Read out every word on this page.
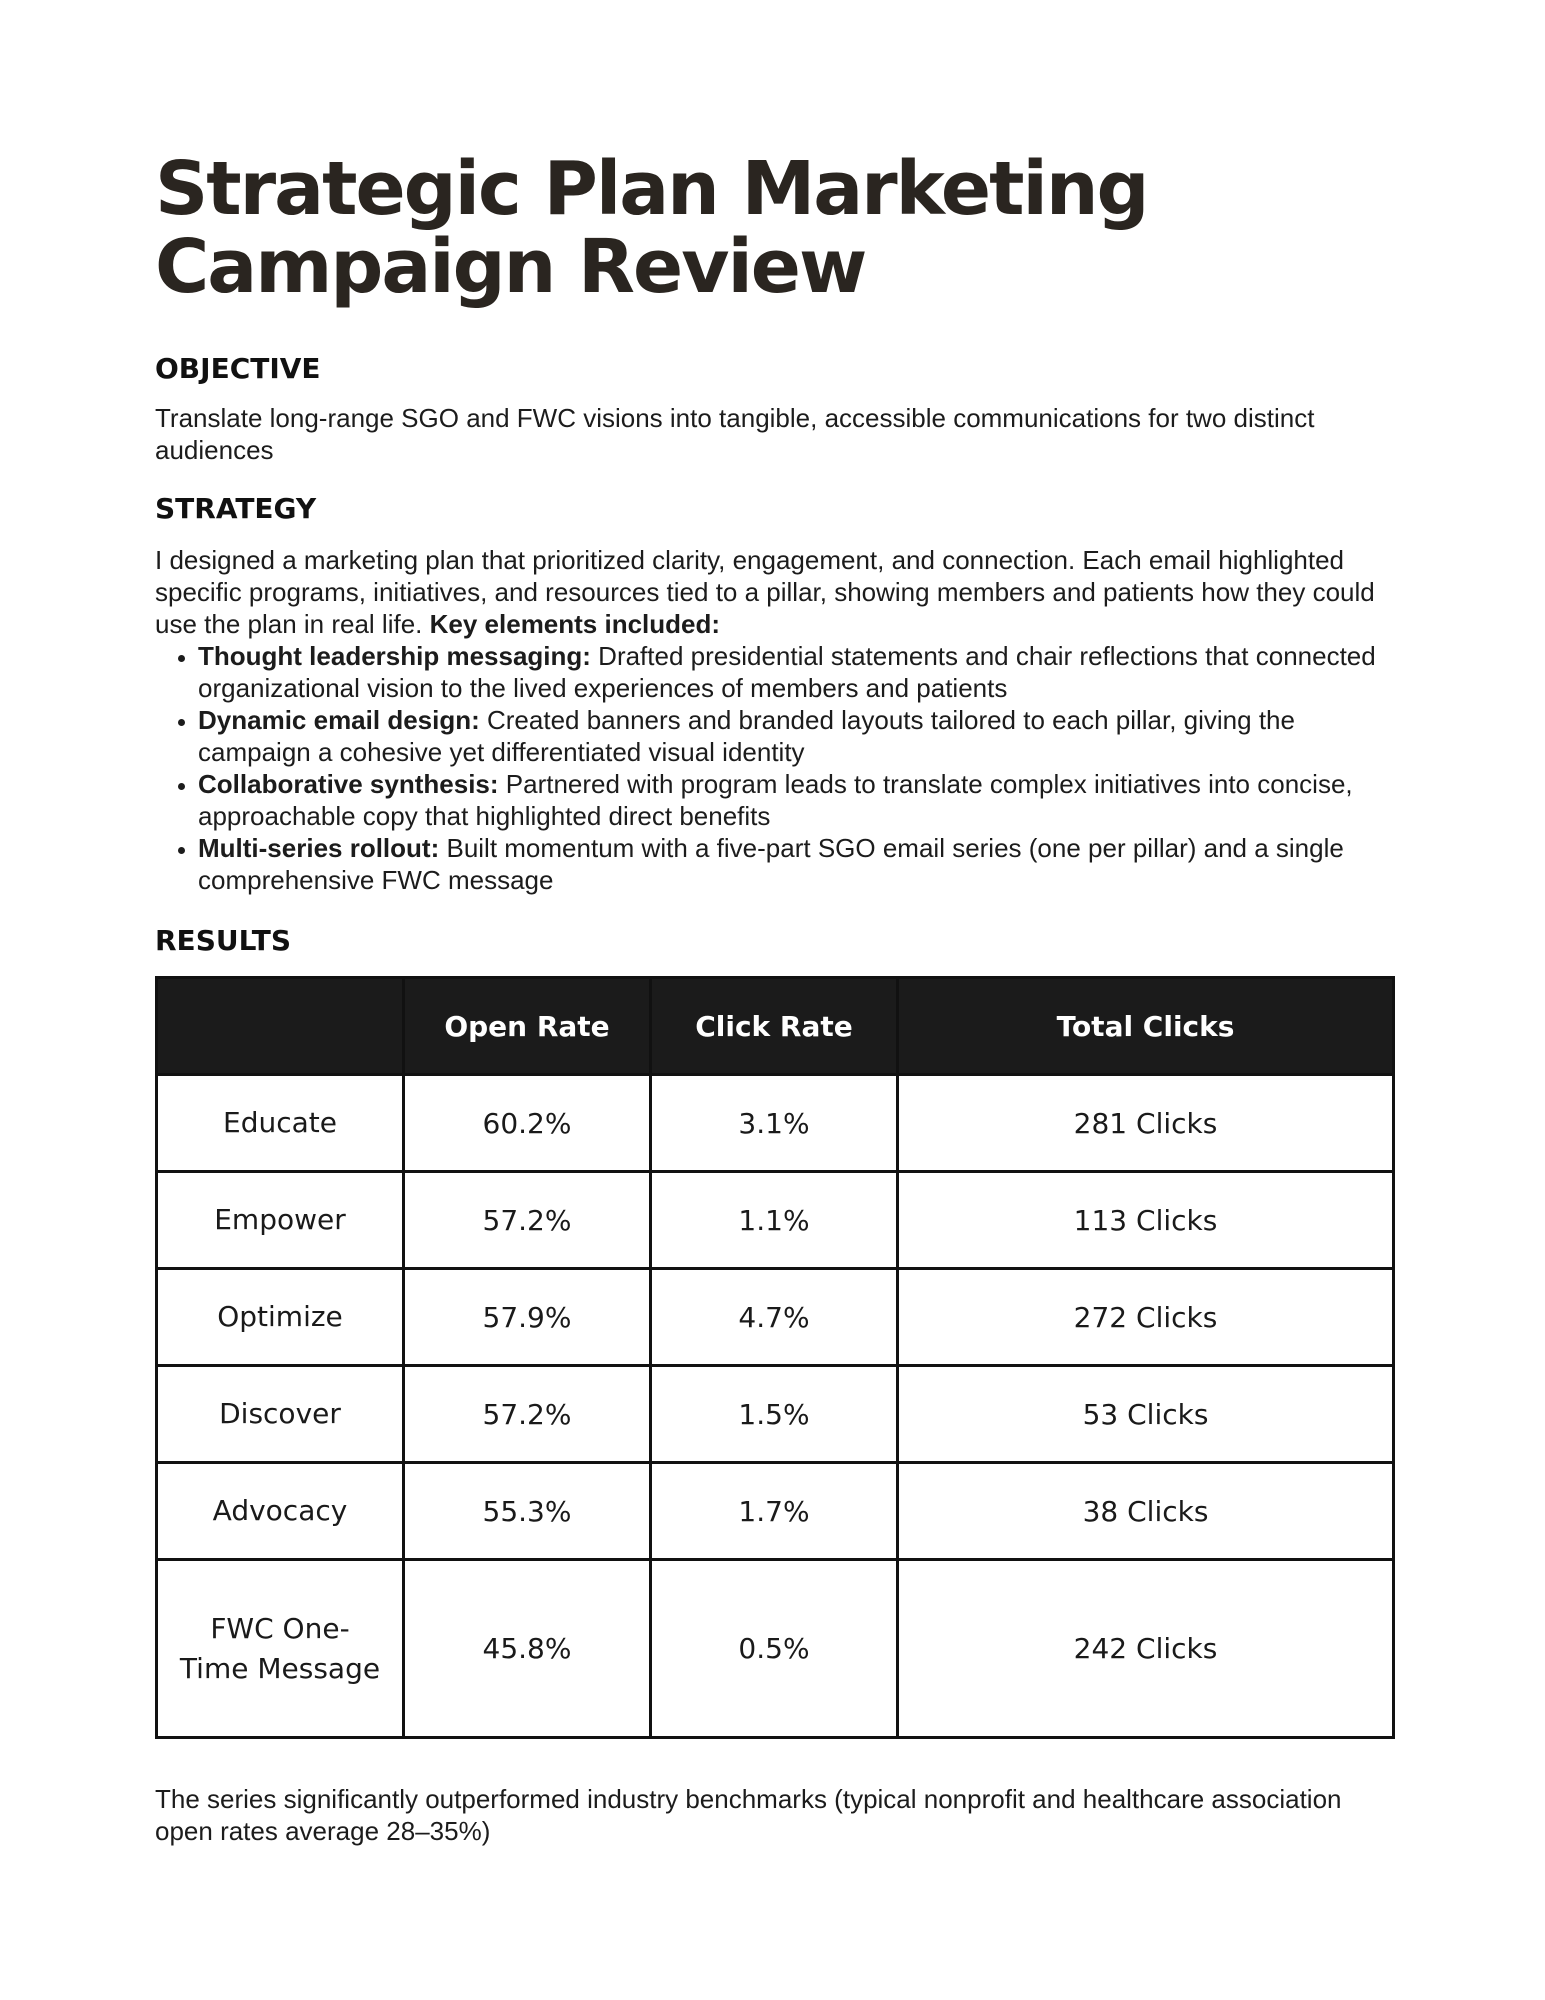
Strategic Plan Marketing
Campaign Review
OBJECTIVE

Translate long-range SGO and FWC visions into tangible, accessible communications for two distinct audiences

STRATEGY

I designed a marketing plan that prioritized clarity, engagement, and connection. Each email highlighted specific programs, initiatives, and resources tied to a pillar, showing members and patients how they could use the plan in real life. Key elements included:

• Thought leadership messaging: Drafted presidential statements and chair reflections that connected organizational vision to the lived experiences of members and patients
• Dynamic email design: Created banners and branded layouts tailored to each pillar, giving the campaign a cohesive yet differentiated visual identity
• Collaborative synthesis: Partnered with program leads to translate complex initiatives into concise, approachable copy that highlighted direct benefits
• Multi-series rollout: Built momentum with a five-part SGO email series (one per pillar) and a single comprehensive FWC message
RESULTS
	Open Rate	Click Rate	Total Clicks
Educate	60.2%	3.1%	281 Clicks
Empower	57.2%	1.1%	113 Clicks
Optimize	57.9%	4.7%	272 Clicks
Discover	57.2%	1.5%	53 Clicks
Advocacy	55.3%	1.7%	38 Clicks
FWC One-Time Message	45.8%	0.5%	242 Clicks

The series significantly outperformed industry benchmarks (typical nonprofit and healthcare association open rates average 28–35%)
